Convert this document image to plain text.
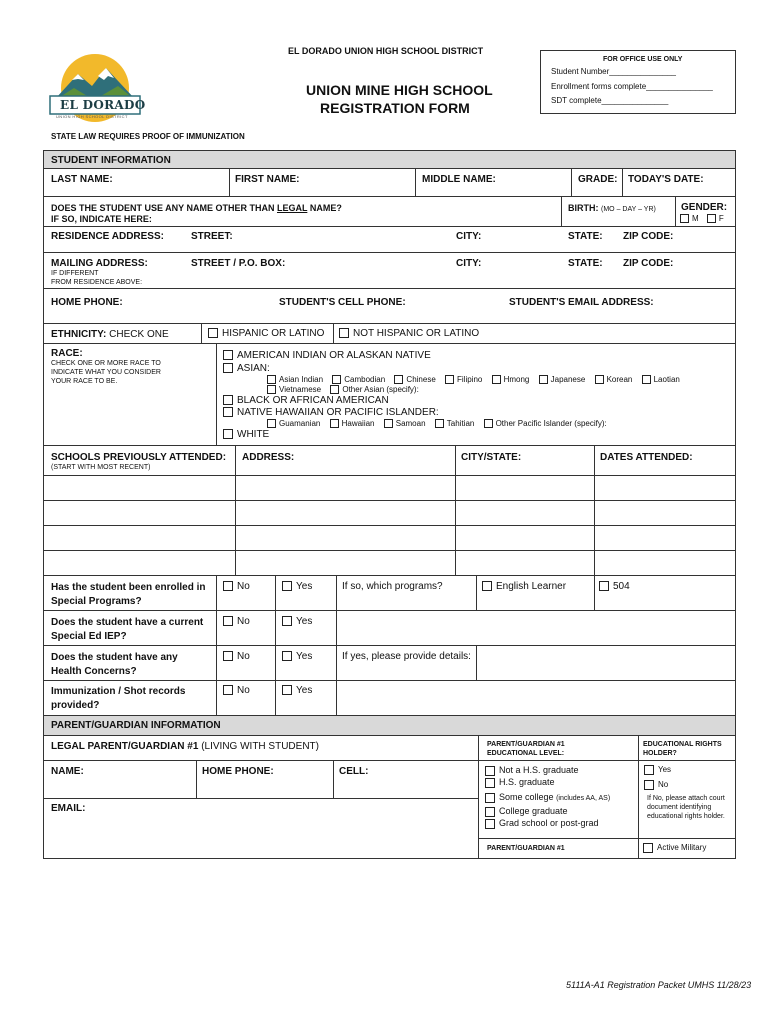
EL DORADO
UNION HIGH SCHOOL DISTRICT
EL DORADO UNION HIGH SCHOOL DISTRICT
UNION MINE HIGH SCHOOL
REGISTRATION FORM
FOR OFFICE USE ONLY
Student Number_______________
Enrollment forms complete_______________
SDT complete_______________
STATE LAW REQUIRES PROOF OF IMMUNIZATION
STUDENT INFORMATION
LAST NAME:	FIRST NAME:	MIDDLE NAME:	GRADE: TODAY'S DATE:
DOES THE STUDENT USE ANY NAME OTHER THAN LEGAL NAME?
IF SO, INDICATE HERE:
BIRTH: (MO – DAY – YR)	GENDER:
M	F
RESIDENCE ADDRESS:	STREET:	CITY:	STATE: ZIP CODE:
MAILING ADDRESS:
IF DIFFERENT
FROM RESIDENCE ABOVE:
STREET / P.O. BOX:	CITY:	STATE: ZIP CODE:
HOME PHONE:	STUDENT'S CELL PHONE:	STUDENT'S EMAIL ADDRESS:
ETHNICITY: CHECK ONE	HISPANIC OR LATINO	NOT HISPANIC OR LATINO
RACE:
CHECK ONE OR MORE RACE TO
INDICATE WHAT YOU CONSIDER
YOUR RACE TO BE.
AMERICAN INDIAN OR ALASKAN NATIVE
ASIAN:
Asian Indian	Cambodian	Chinese	Filipino	Hmong	Japanese	Korean	Laotian
Vietnamese	Other Asian (specify):
BLACK OR AFRICAN AMERICAN
NATIVE HAWAIIAN OR PACIFIC ISLANDER:
Guamanian	Hawaiian	Samoan	Tahitian	Other Pacific Islander (specify):
WHITE
SCHOOLS PREVIOUSLY ATTENDED:
(START WITH MOST RECENT)
ADDRESS:	CITY/STATE:	DATES ATTENDED:
Has the student been enrolled in Special Programs?
No	Yes	If so, which programs?	English Learner	504
Does the student have a current Special Ed IEP?
No	Yes
Does the student have any Health Concerns?
No	Yes	If yes, please provide details:
Immunization / Shot records provided?
No	Yes
PARENT/GUARDIAN INFORMATION
LEGAL PARENT/GUARDIAN #1 (LIVING WITH STUDENT)
NAME:	HOME PHONE:	CELL:
EMAIL:
PARENT/GUARDIAN #1
EDUCATIONAL LEVEL:
Not a H.S. graduate
H.S. graduate
Some college (includes AA, AS)
College graduate
Grad school or post-grad
EDUCATIONAL RIGHTS
HOLDER?
Yes
No
If No, please attach court document identifying educational rights holder.
PARENT/GUARDIAN #1	Active Military
5111A-A1 Registration Packet UMHS 11/28/23
